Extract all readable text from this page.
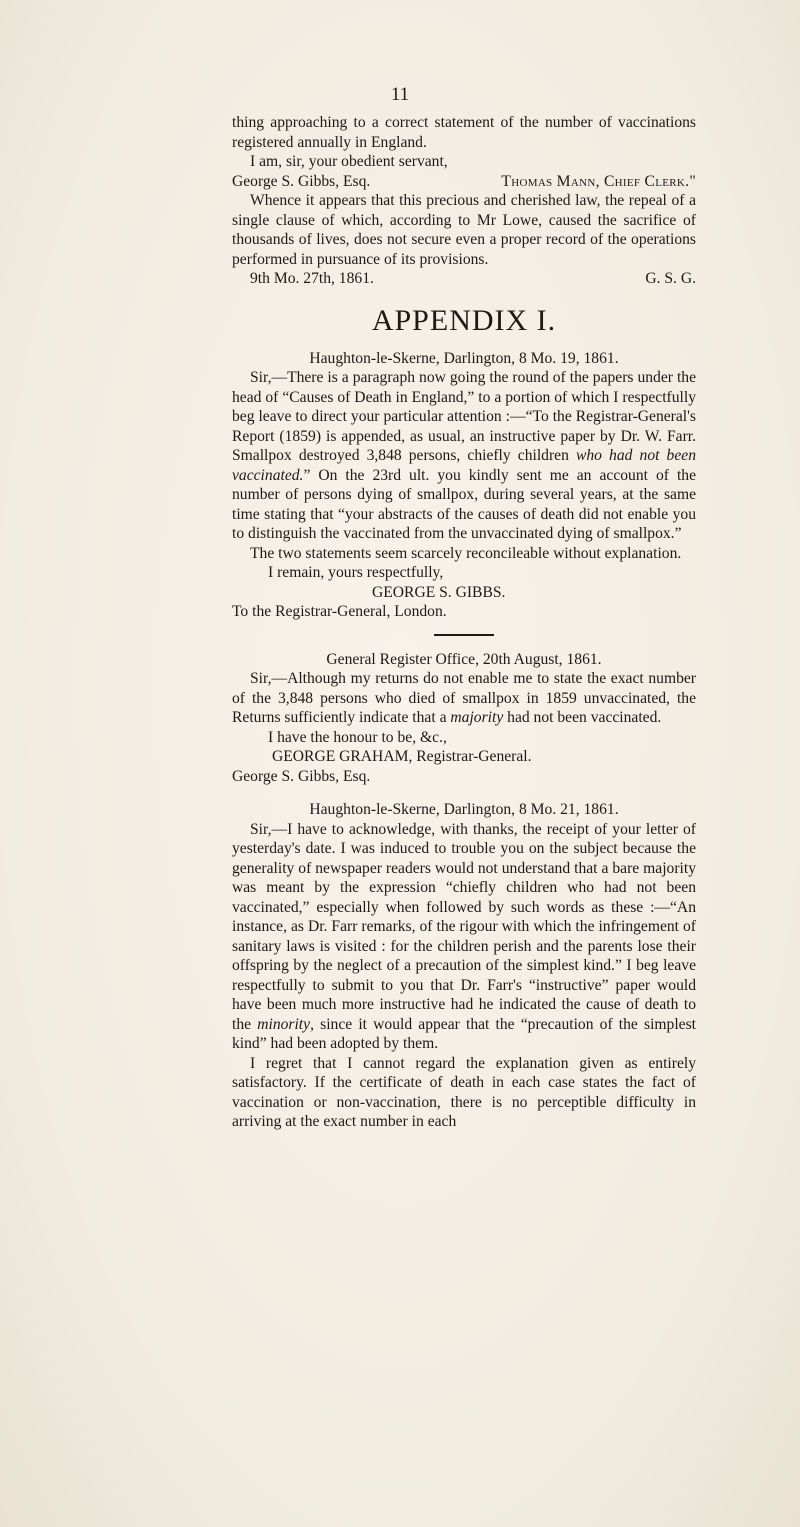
11

thing approaching to a correct statement of the number of vaccinations registered annually in England.

I am, sir, your obedient servant,

George S. Gibbs, Esq.	Thomas Mann, Chief Clerk."

Whence it appears that this precious and cherished law, the repeal of a single clause of which, according to Mr Lowe, caused the sacrifice of thousands of lives, does not secure even a proper record of the operations performed in pursuance of its provisions.

9th Mo. 27th, 1861.	G. S. G.

APPENDIX I.

Haughton-le-Skerne, Darlington, 8 Mo. 19, 1861.

Sir,—There is a paragraph now going the round of the papers under the head of “Causes of Death in England,” to a portion of which I respectfully beg leave to direct your particular attention :—“To the Registrar-General's Report (1859) is appended, as usual, an instructive paper by Dr. W. Farr. Smallpox destroyed 3,848 persons, chiefly children who had not been vaccinated.” On the 23rd ult. you kindly sent me an account of the number of persons dying of smallpox, during several years, at the same time stating that “your abstracts of the causes of death did not enable you to distinguish the vaccinated from the unvaccinated dying of smallpox.”

The two statements seem scarcely reconcileable without explanation.

I remain, yours respectfully,

GEORGE S. GIBBS.

To the Registrar-General, London.

General Register Office, 20th August, 1861.

Sir,—Although my returns do not enable me to state the exact number of the 3,848 persons who died of smallpox in 1859 unvaccinated, the Returns sufficiently indicate that a majority had not been vaccinated.

I have the honour to be, &c.,

GEORGE GRAHAM, Registrar-General.

George S. Gibbs, Esq.

Haughton-le-Skerne, Darlington, 8 Mo. 21, 1861.

Sir,—I have to acknowledge, with thanks, the receipt of your letter of yesterday's date. I was induced to trouble you on the subject because the generality of newspaper readers would not understand that a bare majority was meant by the expression “chiefly children who had not been vaccinated,” especially when followed by such words as these :—“An instance, as Dr. Farr remarks, of the rigour with which the infringement of sanitary laws is visited : for the children perish and the parents lose their offspring by the neglect of a precaution of the simplest kind.” I beg leave respectfully to submit to you that Dr. Farr's “instructive” paper would have been much more instructive had he indicated the cause of death to the minority, since it would appear that the “precaution of the simplest kind” had been adopted by them.

I regret that I cannot regard the explanation given as entirely satisfactory. If the certificate of death in each case states the fact of vaccination or non-vaccination, there is no perceptible difficulty in arriving at the exact number in each
